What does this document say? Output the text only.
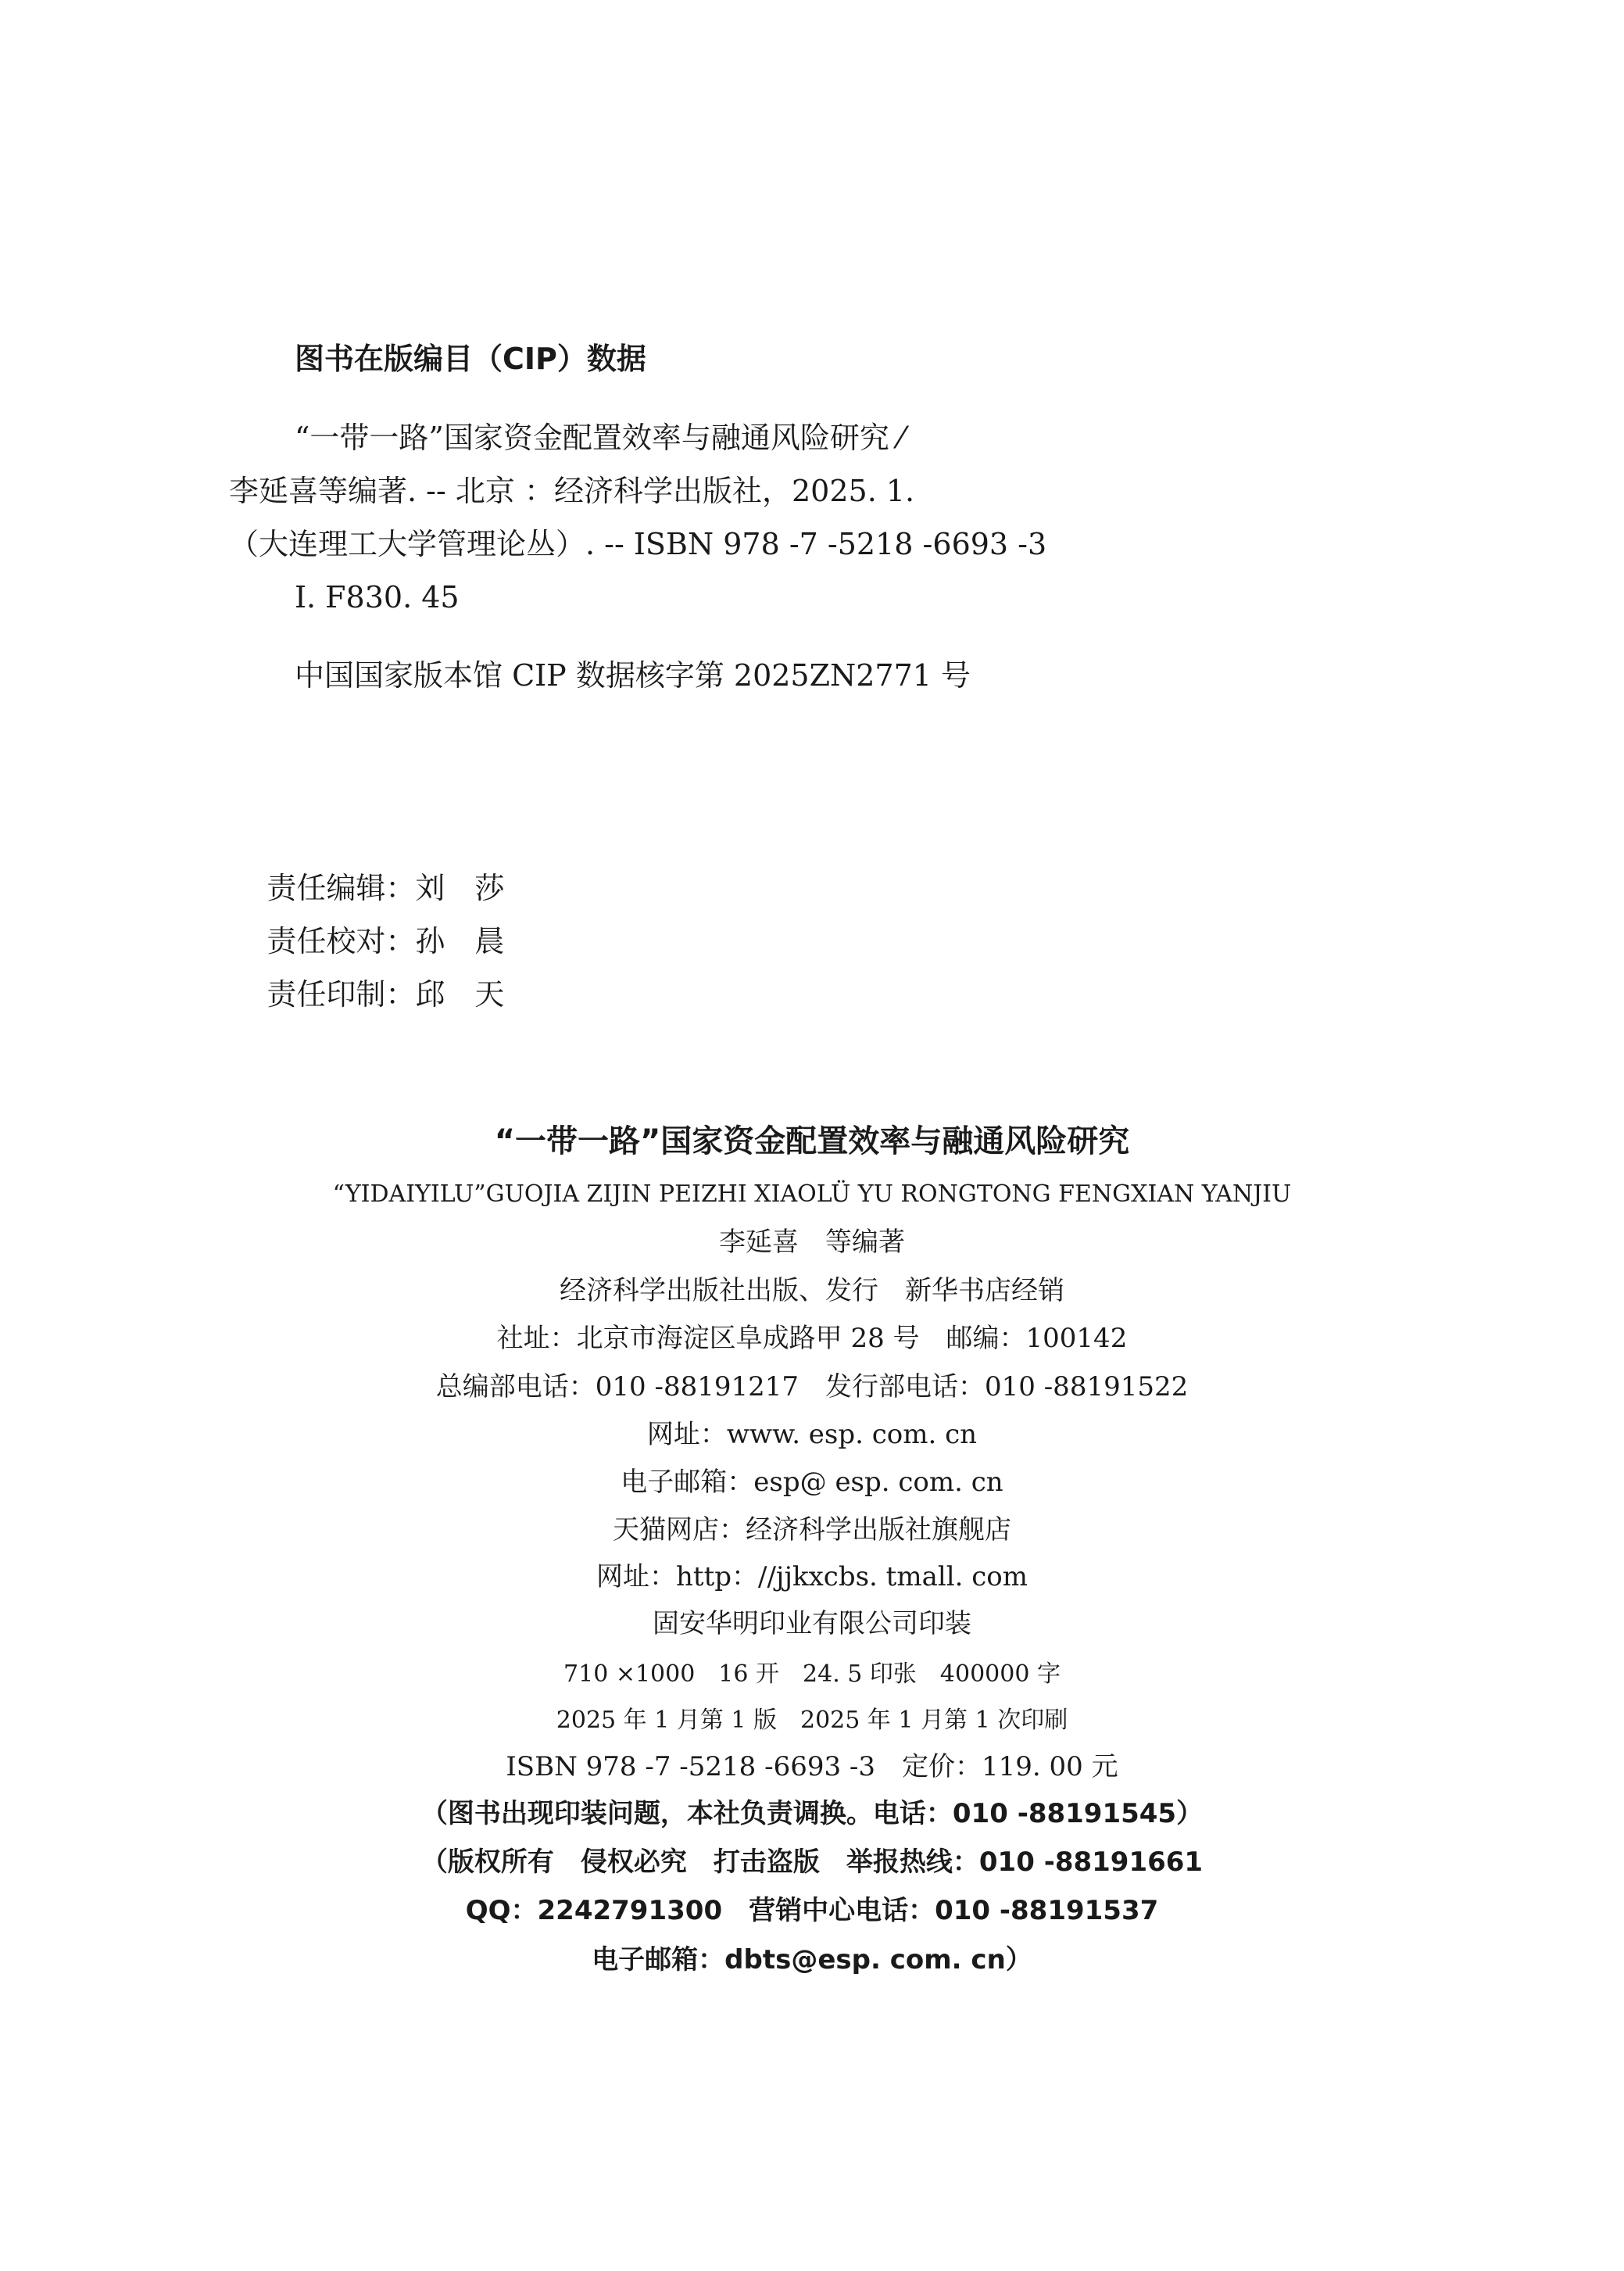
图书在版编目（CIP）数据
“一带一路”国家资金配置效率与融通风险研究 ⁄
李延喜等编著. -- 北京 ：经济科学出版社，2025. 1.
（大连理工大学管理论丛）. -- ISBN 978 -7 -5218 -6693 -3
Ⅰ. F830. 45
中国国家版本馆 CIP 数据核字第 2025ZN2771 号

责任编辑：刘　莎

责任校对：孙　晨

责任印制：邱　天

“一带一路”国家资金配置效率与融通风险研究
“YIDAIYILU”GUOJIA ZIJIN PEIZHI XIAOLÜ YU RONGTONG FENGXIAN YANJIU
李延喜　等编著
经济科学出版社出版、发行　新华书店经销
社址：北京市海淀区阜成路甲 28 号　邮编：100142
总编部电话：010 -88191217　发行部电话：010 -88191522
网址：www. esp. com. cn
电子邮箱：esp@ esp. com. cn
天猫网店：经济科学出版社旗舰店
网址：http：//jjkxcbs. tmall. com
固安华明印业有限公司印装
710 ×1000　16 开　24. 5 印张　400000 字
2025 年 1 月第 1 版　2025 年 1 月第 1 次印刷
ISBN 978 -7 -5218 -6693 -3　定价：119. 00 元
（图书出现印装问题，本社负责调换。电话：010 -88191545）
（版权所有　侵权必究　打击盗版　举报热线：010 -88191661
QQ：2242791300　营销中心电话：010 -88191537
电子邮箱：dbts@esp. com. cn）
